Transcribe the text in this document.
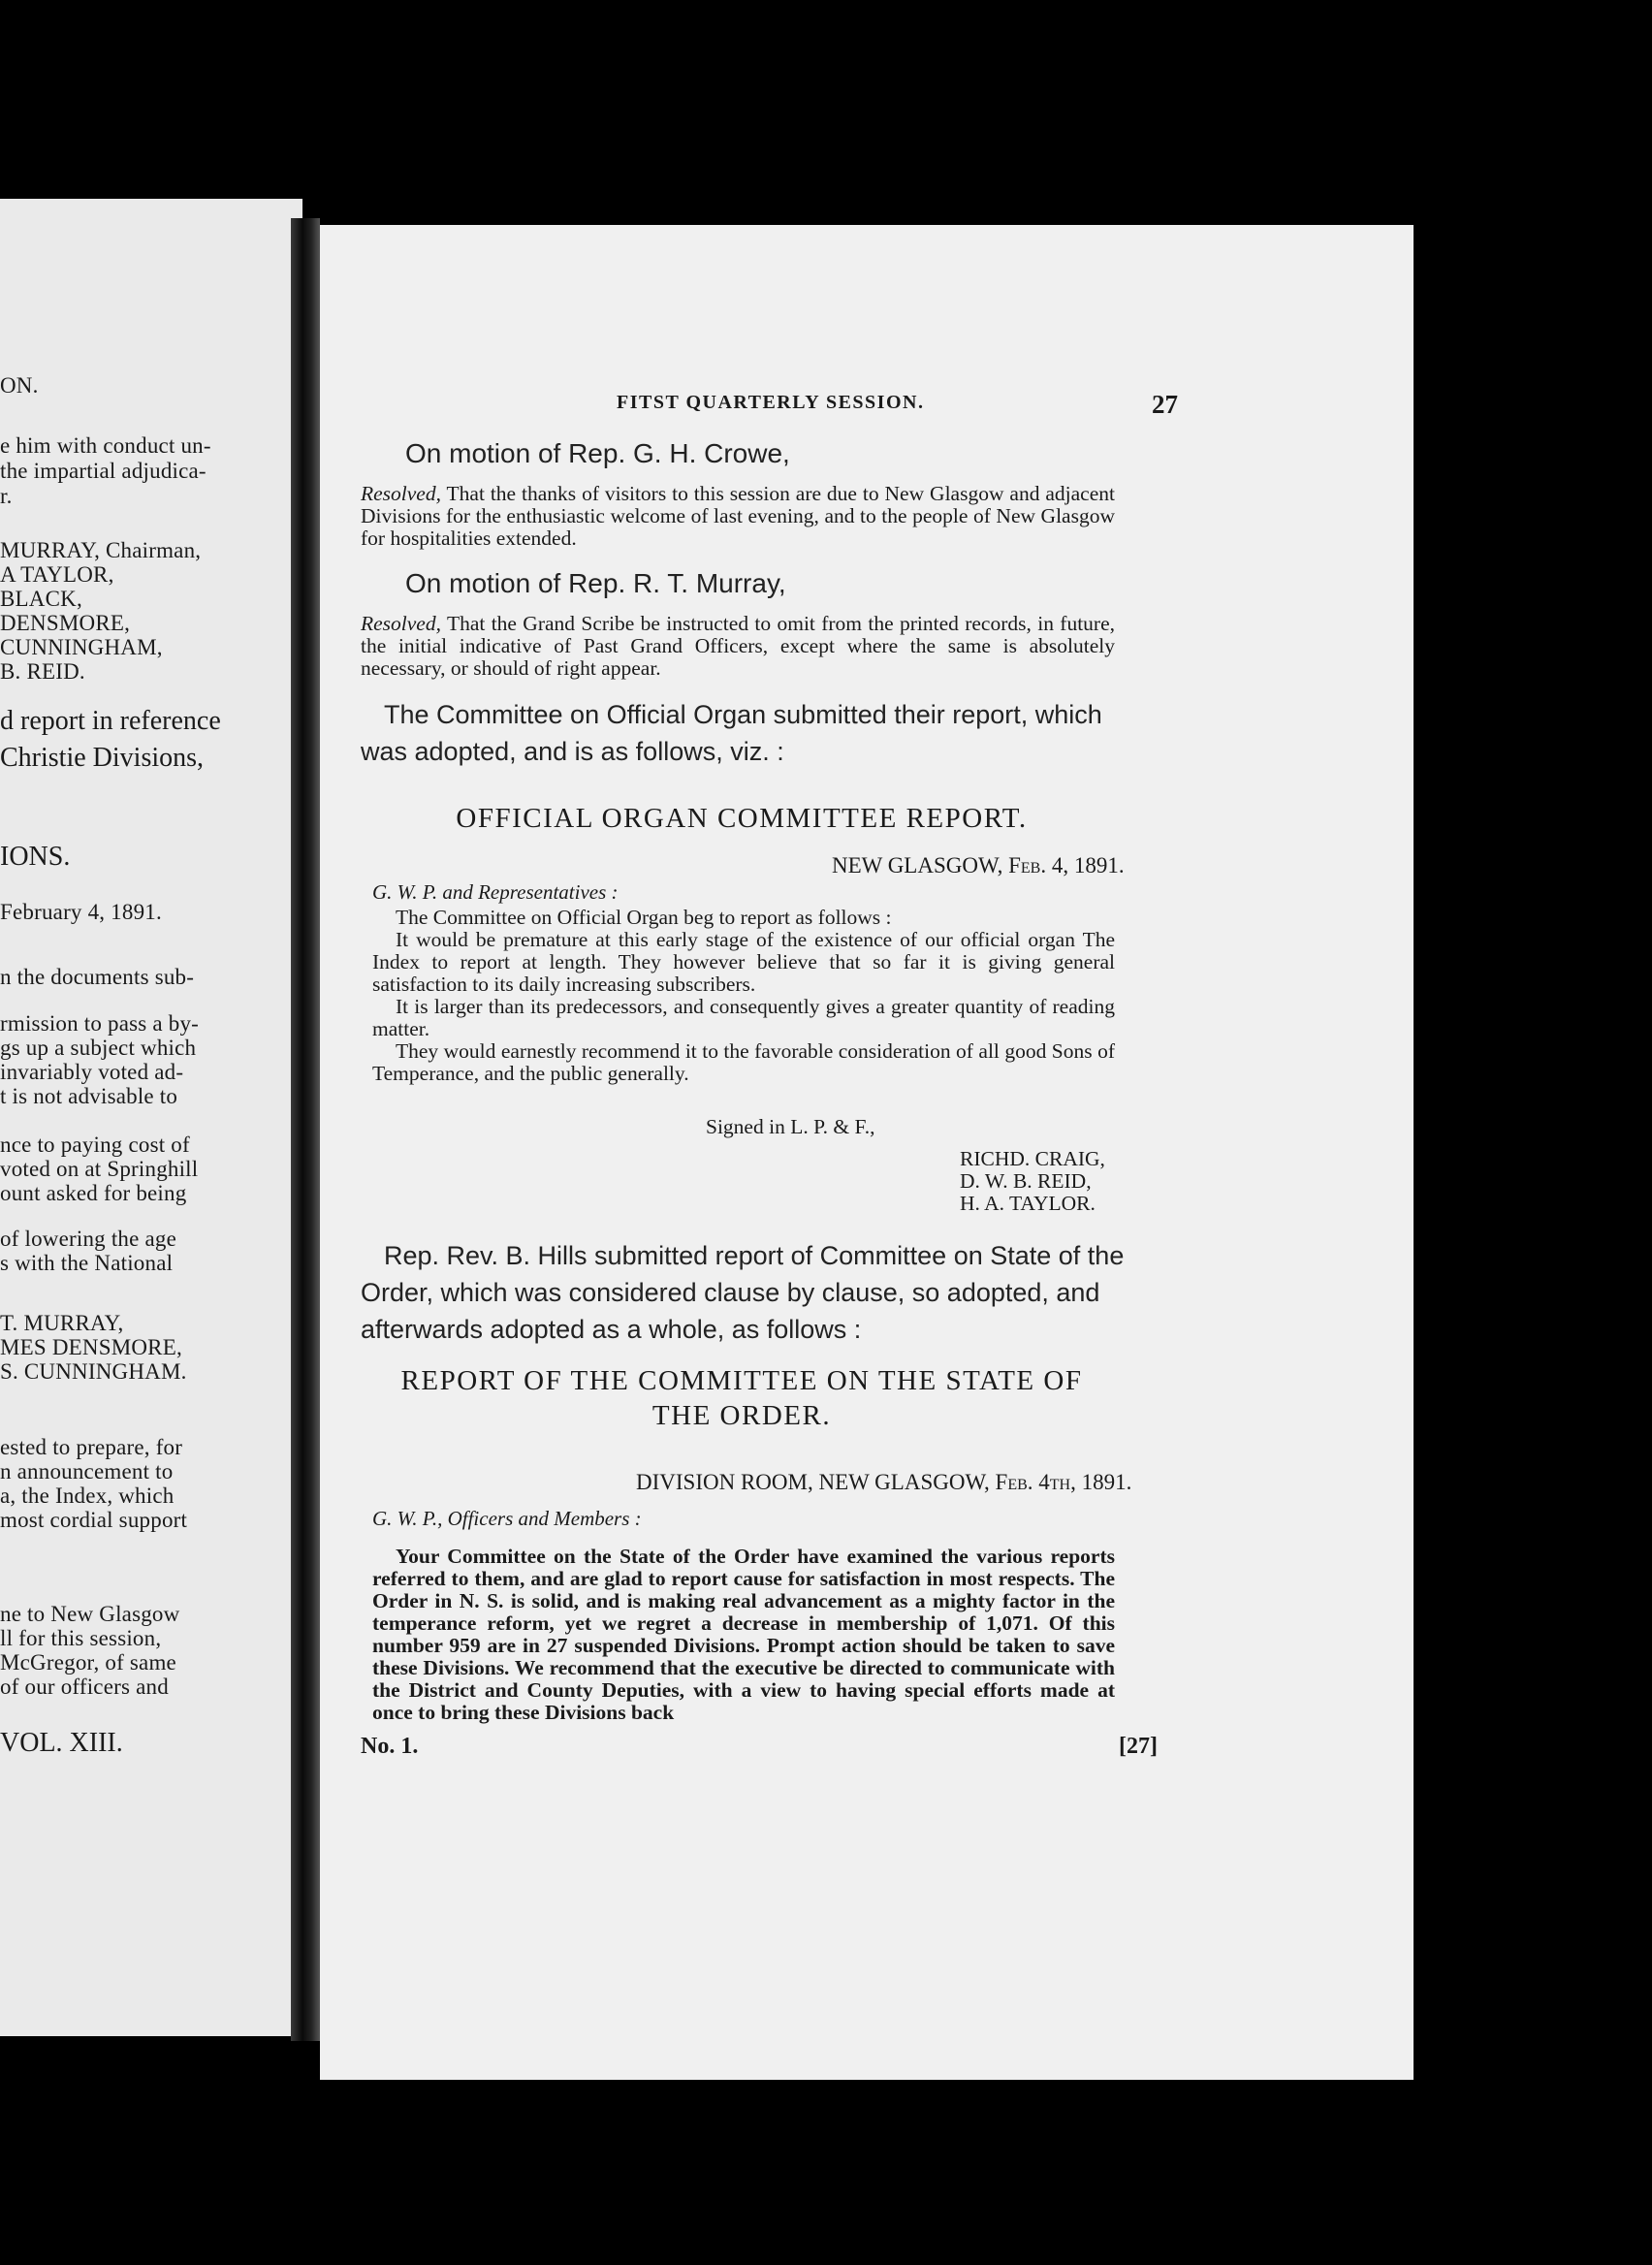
ON.
e him with conduct un-
the impartial adjudica-
r.
MURRAY, Chairman,
A TAYLOR,
BLACK,
DENSMORE,
CUNNINGHAM,
B. REID.
d report in reference
Christie Divisions,
IONS.
February 4, 1891.
n the documents sub-
rmission to pass a by-
gs up a subject which
invariably voted ad-
t is not advisable to
nce to paying cost of
voted on at Springhill
ount asked for being
of lowering the age
s with the National
T. MURRAY,
MES DENSMORE,
S. CUNNINGHAM.
ested to prepare, for
n announcement to
a, the Index, which
most cordial support
ne to New Glasgow
ll for this session,
McGregor, of same
of our officers and
VOL. XIII.
FITST QUARTERLY SESSION.	27
On motion of Rep. G. H. Crowe,
Resolved, That the thanks of visitors to this session are due to New Glasgow and adjacent Divisions for the enthusiastic welcome of last evening, and to the people of New Glasgow for hospitalities extended.
On motion of Rep. R. T. Murray,
Resolved, That the Grand Scribe be instructed to omit from the printed records, in future, the initial indicative of Past Grand Officers, except where the same is absolutely necessary, or should of right appear.

The Committee on Official Organ submitted their report, which was adopted, and is as follows, viz. :

OFFICIAL ORGAN COMMITTEE REPORT.
NEW GLASGOW, Feb. 4, 1891.
G. W. P. and Representatives :
The Committee on Official Organ beg to report as follows :
It would be premature at this early stage of the existence of our official organ The Index to report at length. They however believe that so far it is giving general satisfaction to its daily increasing subscribers.
It is larger than its predecessors, and consequently gives a greater quantity of reading matter.
They would earnestly recommend it to the favorable consideration of all good Sons of Temperance, and the public generally.
Signed in L. P. & F.,
RICHD. CRAIG,
D. W. B. REID,
H. A. TAYLOR.

Rep. Rev. B. Hills submitted report of Committee on State of the Order, which was considered clause by clause, so adopted, and afterwards adopted as a whole, as follows :

REPORT OF THE COMMITTEE ON THE STATE OF
THE ORDER.
DIVISION ROOM, NEW GLASGOW, Feb. 4th, 1891.
G. W. P., Officers and Members :
Your Committee on the State of the Order have examined the various reports referred to them, and are glad to report cause for satisfaction in most respects. The Order in N. S. is solid, and is making real advancement as a mighty factor in the temperance reform, yet we regret a decrease in membership of 1,071. Of this number 959 are in 27 suspended Divisions. Prompt action should be taken to save these Divisions. We recommend that the executive be directed to communicate with the District and County Deputies, with a view to having special efforts made at once to bring these Divisions back
No. 1.	[27]
